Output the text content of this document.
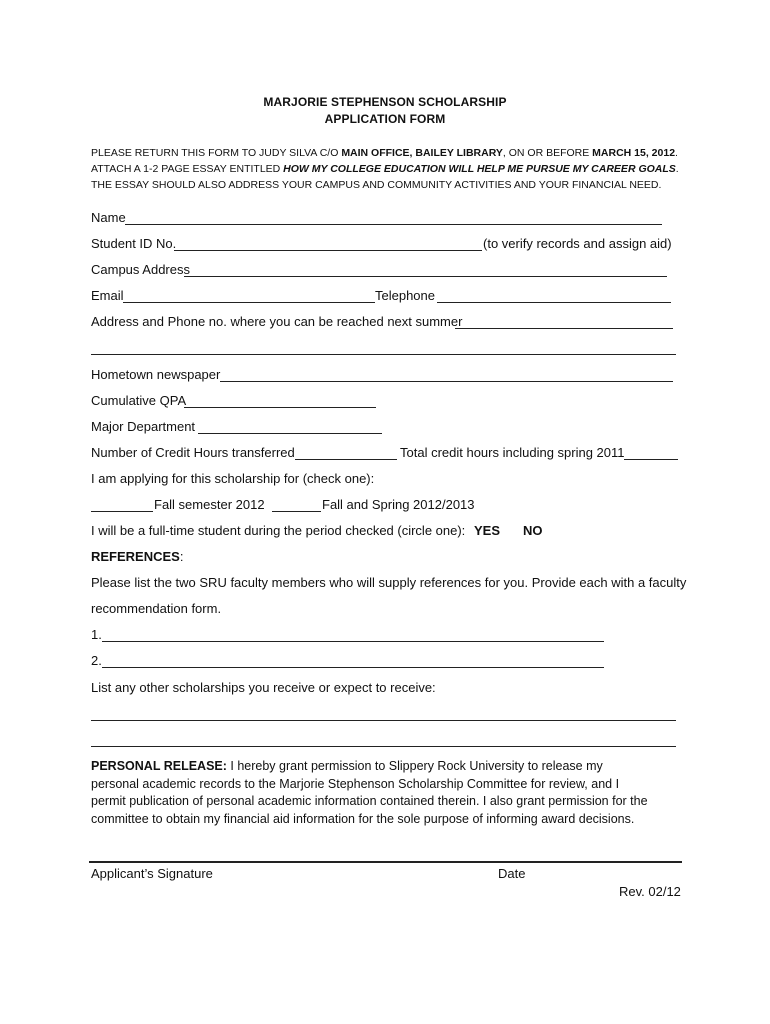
MARJORIE STEPHENSON SCHOLARSHIP
APPLICATION FORM
PLEASE RETURN THIS FORM TO JUDY SILVA C/O MAIN OFFICE, BAILEY LIBRARY, ON OR BEFORE MARCH 15, 2012.
ATTACH A 1-2 PAGE ESSAY ENTITLED HOW MY COLLEGE EDUCATION WILL HELP ME PURSUE MY CAREER GOALS.
THE ESSAY SHOULD ALSO ADDRESS YOUR CAMPUS AND COMMUNITY ACTIVITIES AND YOUR FINANCIAL NEED.
Name
Student ID No.	(to verify records and assign aid)
Campus Address
Email	Telephone
Address and Phone no. where you can be reached next summer
Hometown newspaper
Cumulative QPA
Major Department
Number of Credit Hours transferred	Total credit hours including spring 2011
I am applying for this scholarship for (check one):
Fall semester 2012	Fall and Spring 2012/2013
I will be a full-time student during the period checked (circle one): YES NO
REFERENCES:
Please list the two SRU faculty members who will supply references for you. Provide each with a faculty
recommendation form.
1.
2.
List any other scholarships you receive or expect to receive:
PERSONAL RELEASE: I hereby grant permission to Slippery Rock University to release my personal academic records to the Marjorie Stephenson Scholarship Committee for review, and I permit publication of personal academic information contained therein. I also grant permission for the committee to obtain my financial aid information for the sole purpose of informing award decisions.
Applicant’s Signature	Date
Rev. 02/12
